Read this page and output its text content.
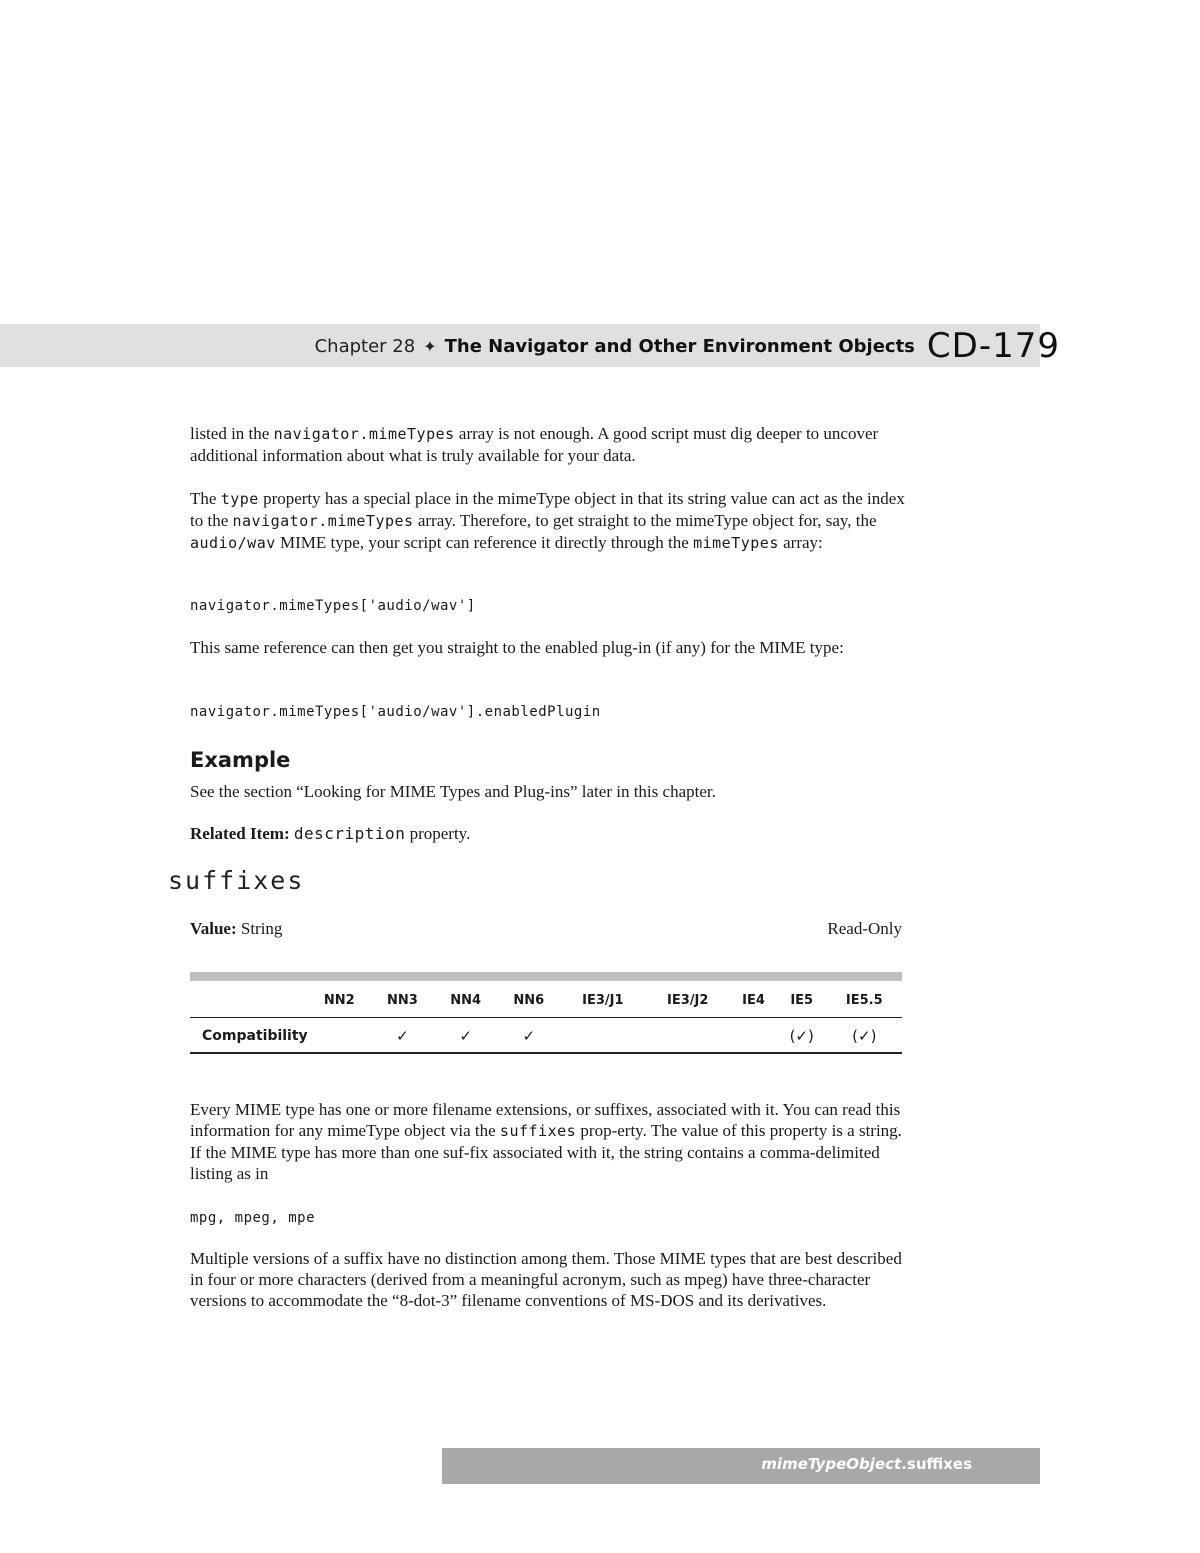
Chapter 28 ✦ The Navigator and Other Environment Objects CD-179

listed in the navigator.mimeTypes array is not enough. A good script must dig deeper to uncover additional information about what is truly available for your data.

The type property has a special place in the mimeType object in that its string value can act as the index to the navigator.mimeTypes array. Therefore, to get straight to the mimeType object for, say, the audio/wav MIME type, your script can reference it directly through the mimeTypes array:

navigator.mimeTypes['audio/wav']
This same reference can then get you straight to the enabled plug-in (if any) for the MIME type:
navigator.mimeTypes['audio/wav'].enabledPlugin
Example
See the section “Looking for MIME Types and Plug-ins” later in this chapter.
Related Item: description property.
suffixes
Value: String	Read-Only
	NN2	NN3	NN4	NN6	IE3/J1	IE3/J2	IE4	IE5	IE5.5
Compatibility		✓	✓	✓				(✓)	(✓)

Every MIME type has one or more filename extensions, or suffixes, associated with it. You can read this information for any mimeType object via the suffixes prop-erty. The value of this property is a string. If the MIME type has more than one suf-fix associated with it, the string contains a comma-delimited listing as in

mpg, mpeg, mpe
Multiple versions of a suffix have no distinction among them. Those MIME types that are best described in four or more characters (derived from a meaningful acronym, such as mpeg) have three-character versions to accommodate the “8-dot-3” filename conventions of MS-DOS and its derivatives.
mimeTypeObject.suffixes
